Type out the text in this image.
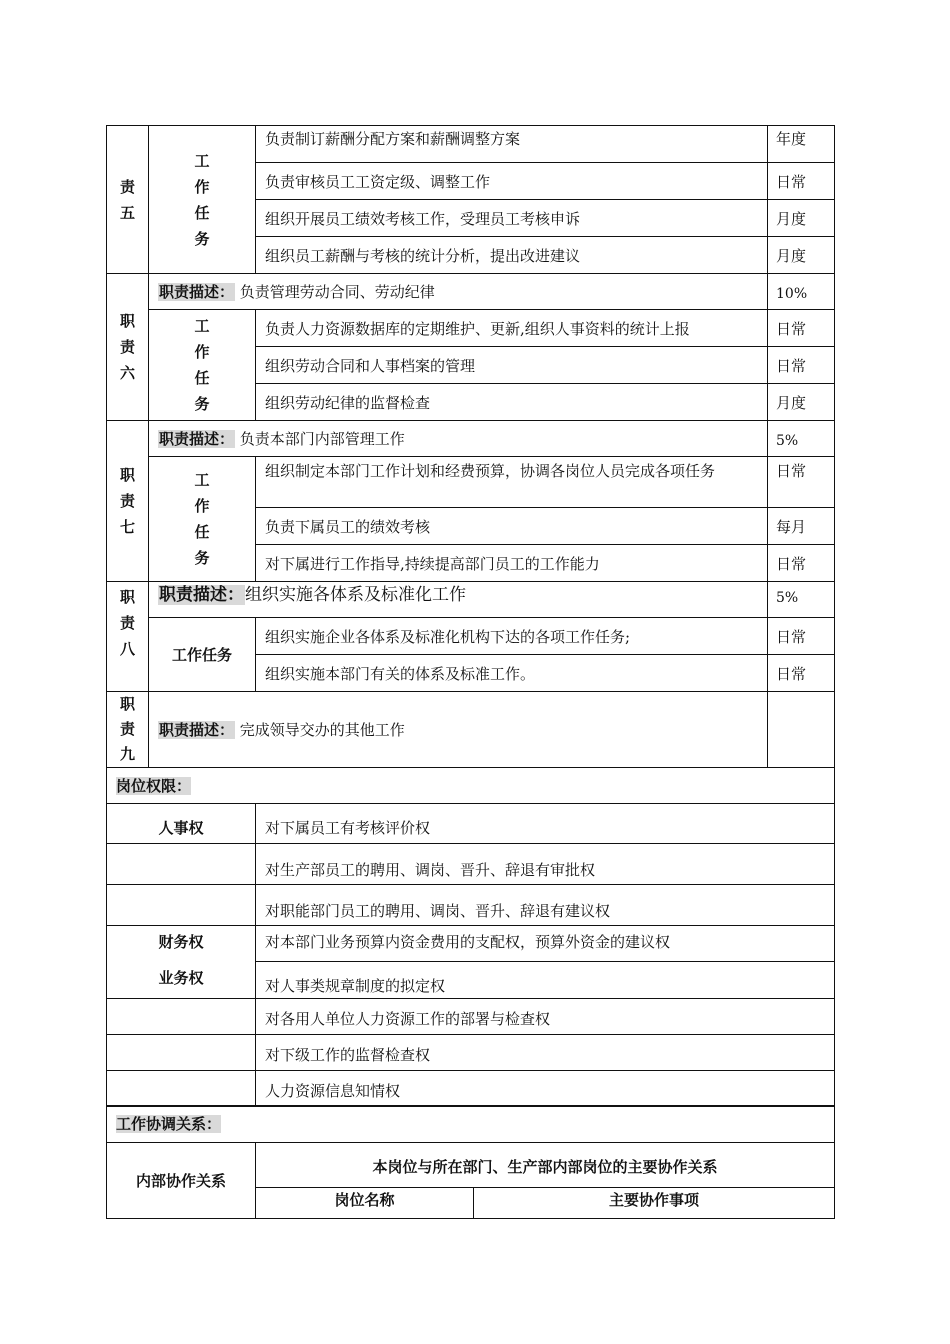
责五	工作任务	负责制订薪酬分配方案和薪酬调整方案	年度
		负责审核员工工资定级、调整工作	日常
		组织开展员工绩效考核工作，受理员工考核申诉	月度
		组织员工薪酬与考核的统计分析，提出改进建议	月度

职责六	职责描述： 负责管理劳动合同、劳动纪律		10%

	工作任务	负责人力资源数据库的定期维护、更新,组织人事资料的统计上报	日常
		组织劳动合同和人事档案的管理	日常
		组织劳动纪律的监督检查	月度

职责七	职责描述： 负责本部门内部管理工作		5%

	工作任务	组织制定本部门工作计划和经费预算，协调各岗位人员完成各项任务	日常
		负责下属员工的绩效考核	每月
		对下属进行工作指导,持续提高部门员工的工作能力	日常

职责八	职责描述：组织实施各体系及标准化工作		5%
	工作任务	组织实施企业各体系及标准化机构下达的各项工作任务;	日常
		组织实施本部门有关的体系及标准工作。	日常

职责九	职责描述： 完成领导交办的其他工作		
岗位权限：	
人事权	对下属员工有考核评价权
	对生产部员工的聘用、调岗、晋升、辞退有审批权
	对职能部门员工的聘用、调岗、晋升、辞退有建议权
财务权	对本部门业务预算内资金费用的支配权，预算外资金的建议权
业务权	对人事类规章制度的拟定权
	对各用人单位人力资源工作的部署与检查权
	对下级工作的监督检查权
	人力资源信息知情权
工作协调关系：		
内部协作关系	本岗位与所在部门、生产部内部岗位的主要协作关系	
	岗位名称	主要协作事项
